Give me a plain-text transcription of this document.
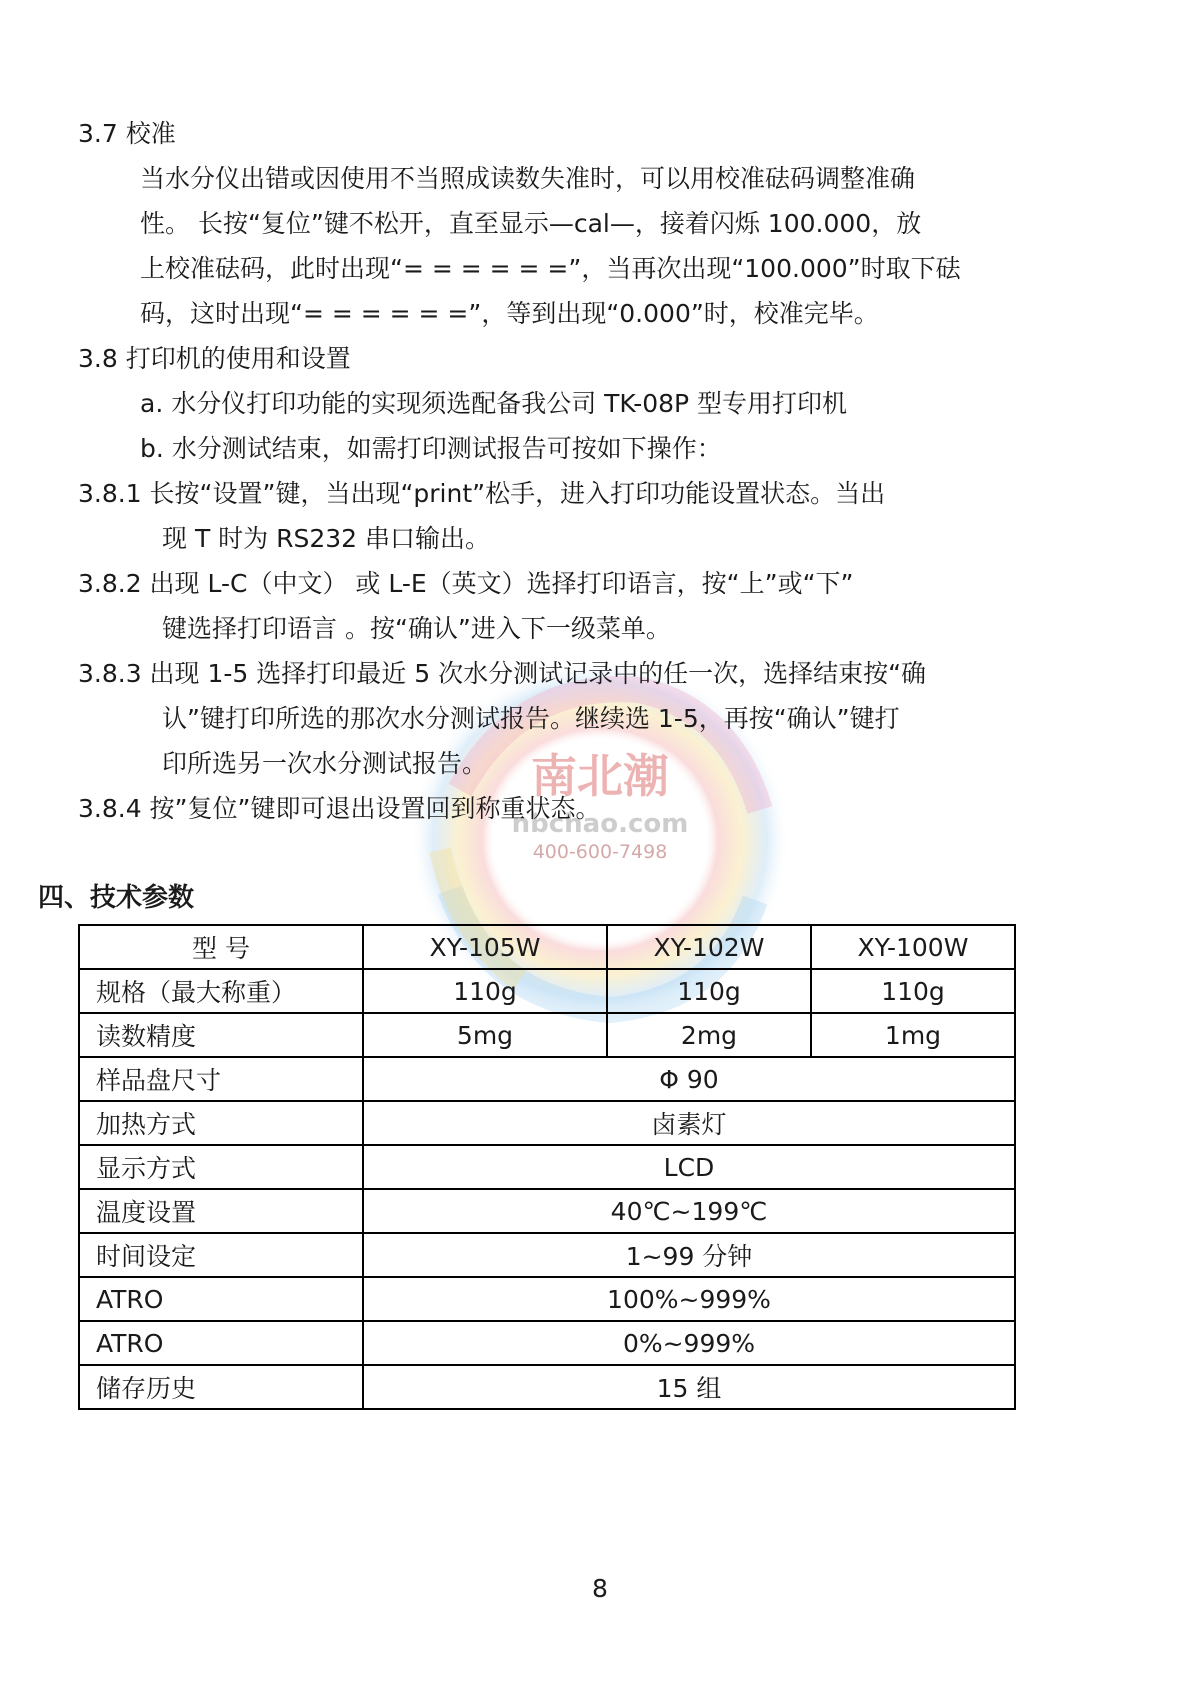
南北潮
nbchao.com
400-600-7498
3.7 校准
当水分仪出错或因使用不当照成读数失准时，可以用校准砝码调整准确
性。 长按“复位”键不松开，直至显示—cal—，接着闪烁 100.000，放
上校准砝码，此时出现“= = = = = =”，当再次出现“100.000”时取下砝
码，这时出现“= = = = = =”，等到出现“0.000”时，校准完毕。
3.8 打印机的使用和设置
a. 水分仪打印功能的实现须选配备我公司 TK-08P 型专用打印机
b. 水分测试结束，如需打印测试报告可按如下操作：
3.8.1 长按“设置”键，当出现“print”松手，进入打印功能设置状态。当出
现 T 时为 RS232 串口输出。
3.8.2 出现 L-C（中文） 或 L-E（英文）选择打印语言，按“上”或“下”
键选择打印语言 。按“确认”进入下一级菜单。
3.8.3 出现 1-5 选择打印最近 5 次水分测试记录中的任一次，选择结束按“确
认”键打印所选的那次水分测试报告。继续选 1-5，再按“确认”键打
印所选另一次水分测试报告。
3.8.4 按”复位”键即可退出设置回到称重状态。
四、技术参数
型 号	XY-105W	XY-102W	XY-100W
规格（最大称重）	110g	110g	110g
读数精度	5mg	2mg	1mg
样品盘尺寸	Φ 90		
加热方式	卤素灯		
显示方式	LCD		
温度设置	40℃~199℃		
时间设定	1~99 分钟		
ATRO	100%~999%		
ATRO	0%~999%		
储存历史	15 组		
8
